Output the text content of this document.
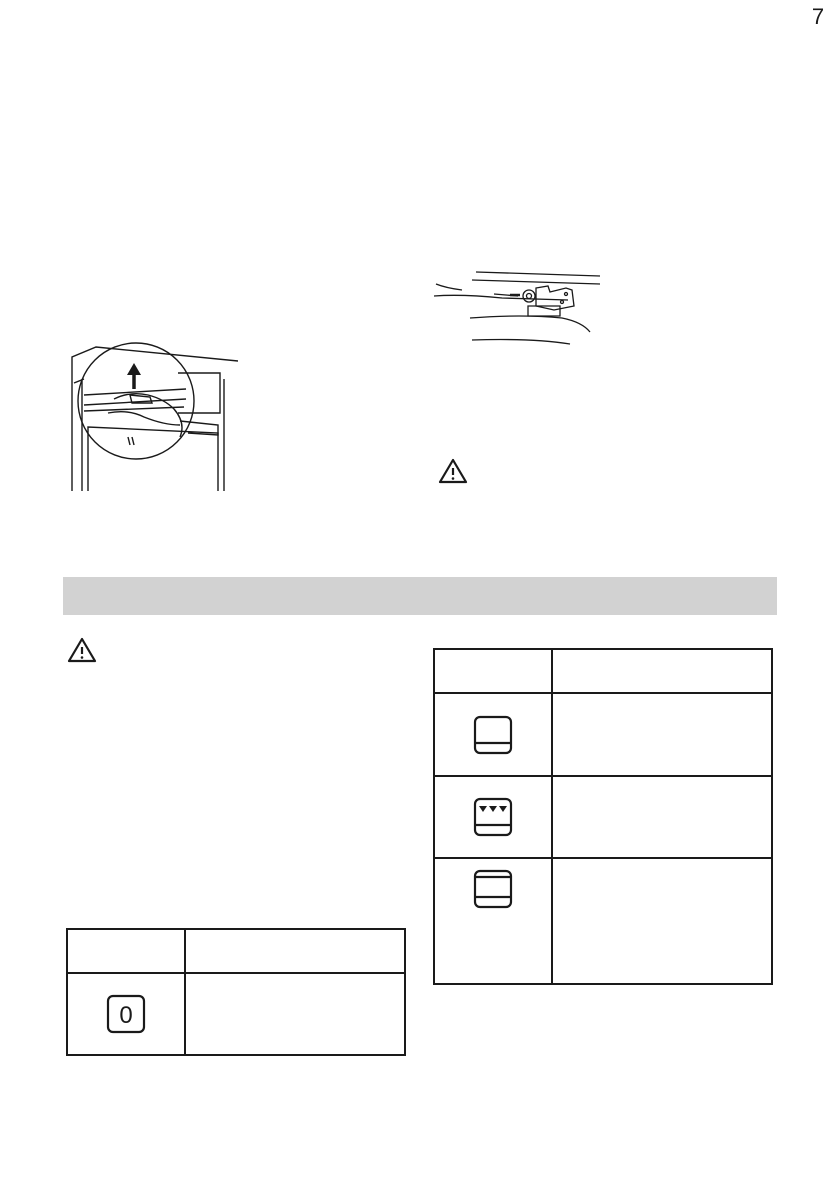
7

0	
